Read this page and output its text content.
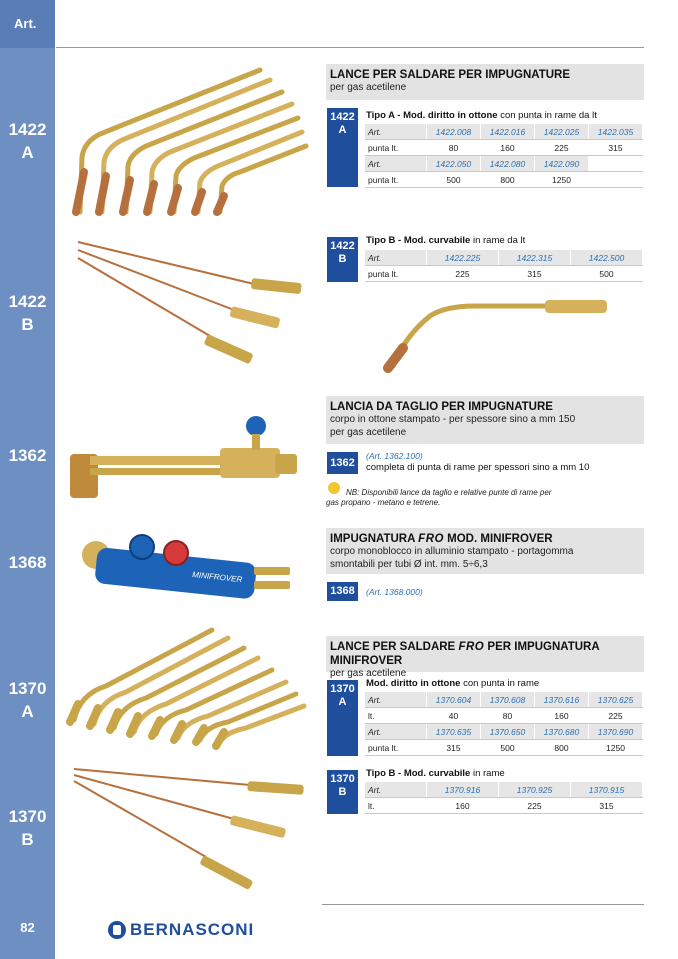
Art.
1422
A
1422
B
1362
1368
1370
A
1370
B
82	BERNASCONI
MINIFROVER
LANCE PER SALDARE PER IMPUGNATURE
per gas acetilene
1422
A
Tipo A - Mod. diritto in ottone con punta in rame da lt
Art.	1422.008	1422.016	1422.025	1422.035
punta lt.	80	160	225	315
Art.	1422.050	1422.080	1422.090	
punta lt.	500	800	1250	
1422
B
Tipo B - Mod. curvabile in rame da lt
Art.	1422.225	1422.315	1422.500
punta lt.	225	315	500
LANCIA DA TAGLIO PER IMPUGNATURE
corpo in ottone stampato - per spessore sino a mm 150
per gas acetilene
1362
(Art. 1362.100)
completa di punta di rame per spessori sino a mm 10
NB: Disponibili lance da taglio e relative punte di rame per
gas propano - metano e tetrene.
IMPUGNATURA FRO MOD. MINIFROVER
corpo monoblocco in alluminio stampato - portagomma
smontabili per tubi Ø int. mm. 5÷6,3
1368	(Art. 1368.000)
LANCE PER SALDARE FRO PER IMPUGNATURA MINIFROVER
per gas acetilene
1370
A
Mod. diritto in ottone con punta in rame
Art.	1370.604	1370.608	1370.616	1370.625
lt.	40	80	160	225
Art.	1370.635	1370.650	1370.680	1370.690
punta lt.	315	500	800	1250
1370
B
Tipo B - Mod. curvabile in rame
Art.	1370.916	1370.925	1370.915
lt.	160	225	315
